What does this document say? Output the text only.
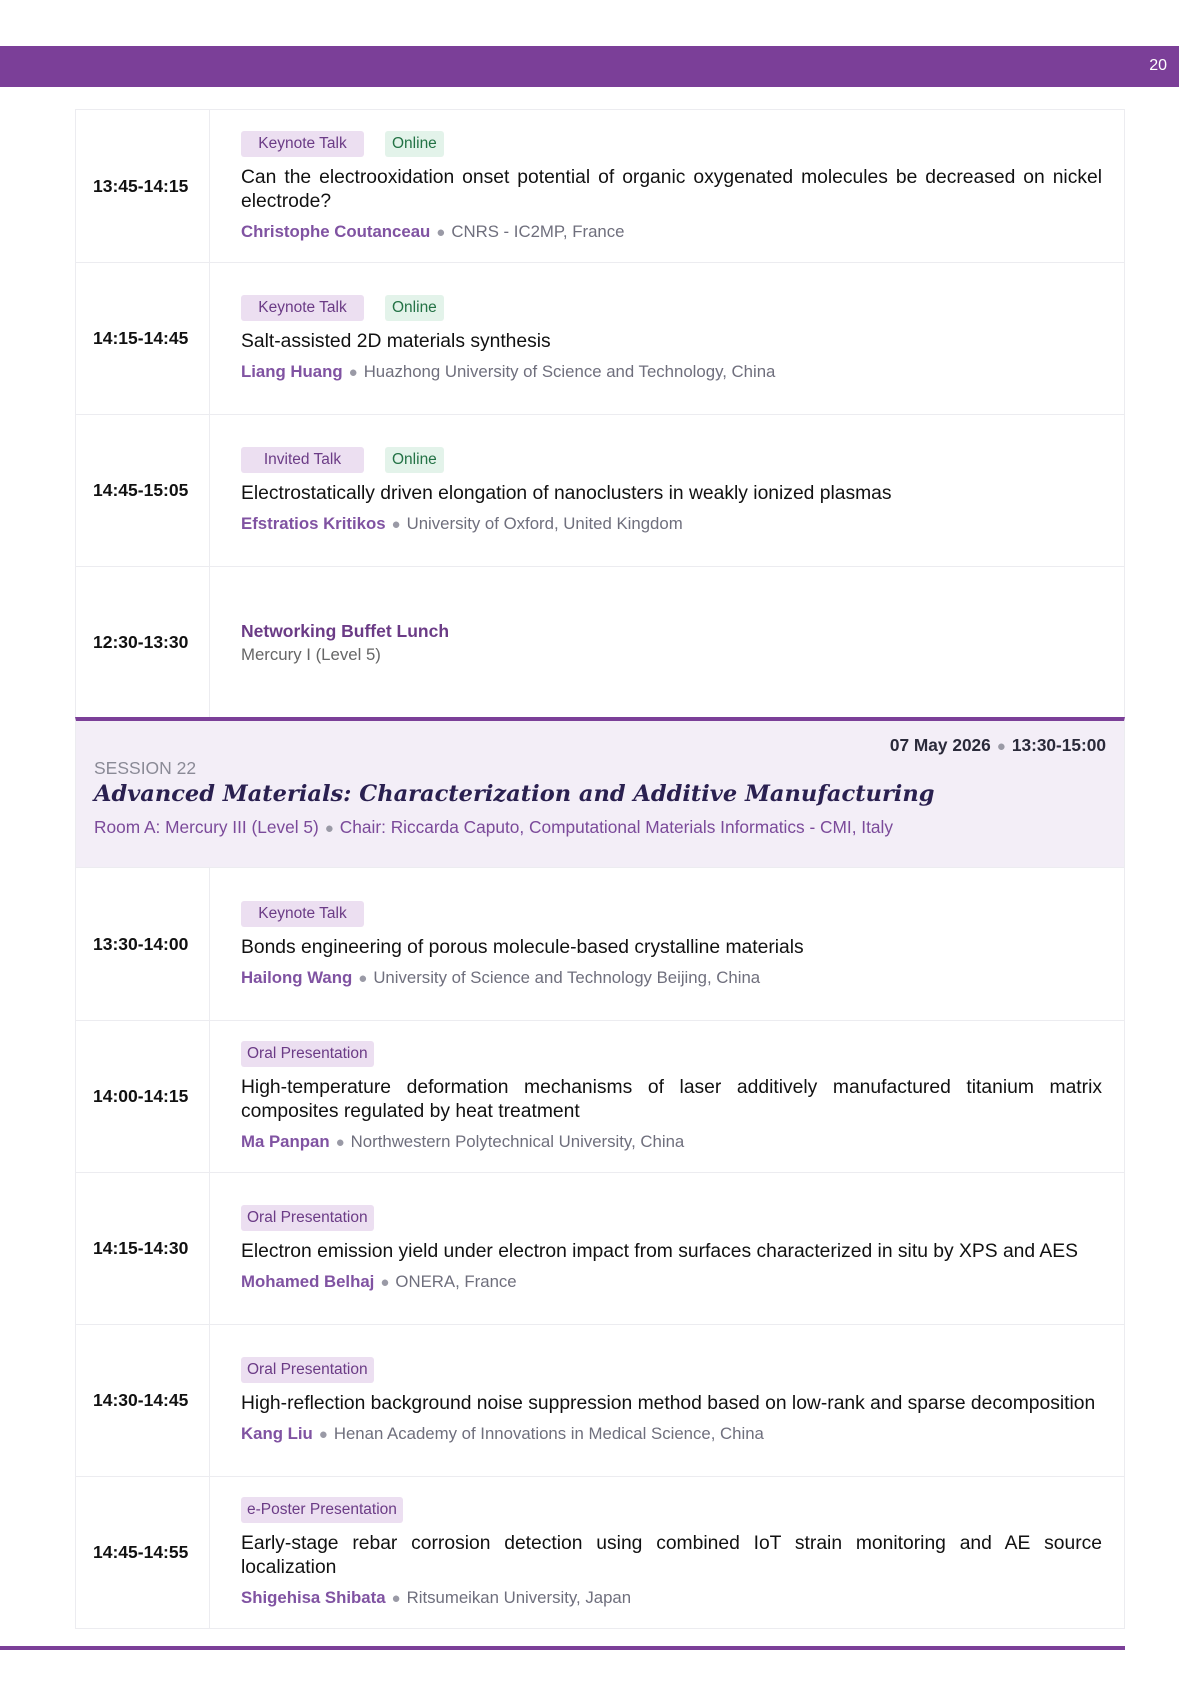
20
13:45-14:15
Keynote Talk	Online
Can the electrooxidation onset potential of organic oxygenated molecules be decreased on nickel electrode?
Christophe Coutanceau ● CNRS - IC2MP, France
14:15-14:45
Keynote Talk	Online
Salt-assisted 2D materials synthesis
Liang Huang ● Huazhong University of Science and Technology, China
14:45-15:05
Invited Talk	Online
Electrostatically driven elongation of nanoclusters in weakly ionized plasmas
Efstratios Kritikos ● University of Oxford, United Kingdom
12:30-13:30
Networking Buffet Lunch
Mercury I (Level 5)
07 May 2026 ● 13:30-15:00
SESSION 22
Advanced Materials: Characterization and Additive Manufacturing
Room A: Mercury III (Level 5) ● Chair: Riccarda Caputo, Computational Materials Informatics - CMI, Italy
13:30-14:00
Keynote Talk
Bonds engineering of porous molecule-based crystalline materials
Hailong Wang ● University of Science and Technology Beijing, China
14:00-14:15
Oral Presentation
High-temperature deformation mechanisms of laser additively manufactured titanium matrix composites regulated by heat treatment
Ma Panpan ● Northwestern Polytechnical University, China
14:15-14:30
Oral Presentation
Electron emission yield under electron impact from surfaces characterized in situ by XPS and AES
Mohamed Belhaj ● ONERA, France
14:30-14:45
Oral Presentation
High-reflection background noise suppression method based on low-rank and sparse decomposition
Kang Liu ● Henan Academy of Innovations in Medical Science, China
14:45-14:55
e-Poster Presentation
Early-stage rebar corrosion detection using combined IoT strain monitoring and AE source localization
Shigehisa Shibata ● Ritsumeikan University, Japan
